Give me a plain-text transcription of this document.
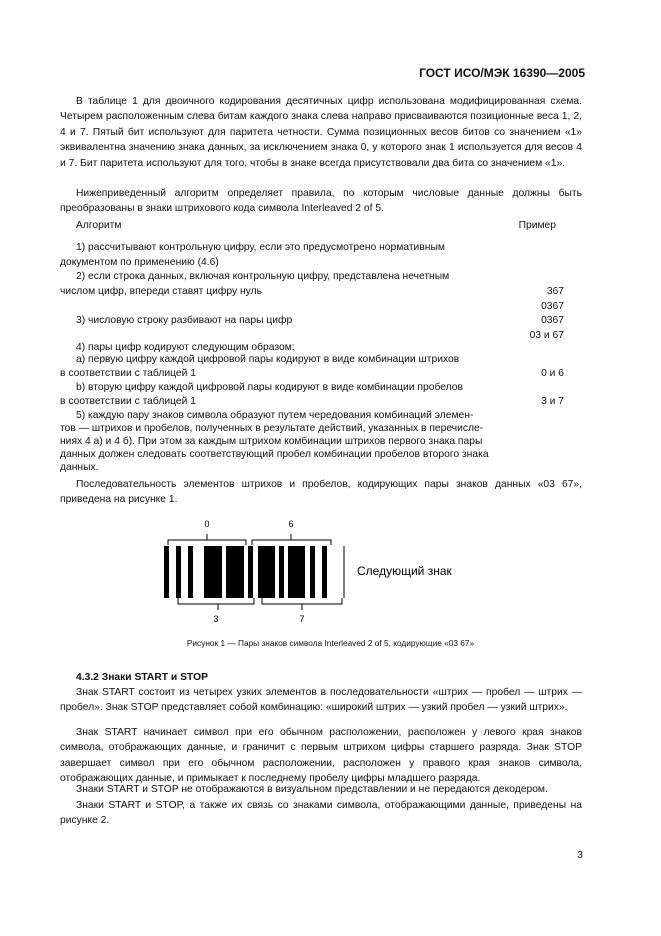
ГОСТ ИСО/МЭК 16390—2005

В таблице 1 для двоичного кодирования десятичных цифр использована модифицированная схема. Четырем расположенным слева битам каждого знака слева направо присваиваются позиционные веса 1, 2, 4 и 7. Пятый бит используют для паритета четности. Сумма позиционных весов битов со значением «1» эквивалентна значению знака данных, за исключением знака 0, у которого знак 1 используется для весов 4 и 7. Бит паритета используют для того, чтобы в знаке всегда присутствовали два бита со значением «1».

Нижеприведенный алгоритм определяет правила, по которым числовые данные должны быть преобразованы в знаки штрихового кода символа Interleaved 2 of 5.

Алгоритм	Пример
1) рассчитывают контрольную цифру, если это предусмотрено нормативным
документом по применению (4.6)
2) если строка данных, включая контрольную цифру, представлена нечетным
числом цифр, впереди ставят цифру нуль	367
0367
3) числовую строку разбивают на пары цифр	0367
03 и 67
4) пары цифр кодируют следующим образом:
а) первую цифру каждой цифровой пары кодируют в виде комбинации штрихов
в соответствии с таблицей 1	0 и 6
b) вторую цифру каждой цифровой пары кодируют в виде комбинации пробелов
в соответствии с таблицей 1	3 и 7
5) каждую пару знаков символа образуют путем чередования комбинаций элемен-
тов — штрихов и пробелов, полученных в результате действий, указанных в перечисле-
ниях 4 а) и 4 б). При этом за каждым штрихом комбинации штрихов первого знака пары
данных должен следовать соответствующий пробел комбинации пробелов второго знака
данных.

Последовательность элементов штрихов и пробелов, кодирующих пары знаков данных «03 67», приведена на рисунке 1.

0	6
3	7
Следующий знак
Рисунок 1 — Пары знаков символа Interleaved 2 of 5, кодирующие «03 67»
4.3.2 Знаки START и STOP

Знак START состоит из четырех узких элементов в последовательности «штрих — пробел — штрих — пробел». Знак STOP представляет собой комбинацию: «широкий штрих — узкий пробел — узкий штрих».

Знак START начинает символ при его обычном расположении, расположен у левого края знаков символа, отображающих данные, и граничит с первым штрихом цифры старшего разряда. Знак STOP завершает символ при его обычном расположении, расположен у правого края знаков символа, отображающих данные, и примыкает к последнему пробелу цифры младшего разряда.

Знаки START и STOP не отображаются в визуальном представлении и не передаются декодером.

Знаки START и STOP, а также их связь со знаками символа, отображающими данные, приведены на рисунке 2.

3
